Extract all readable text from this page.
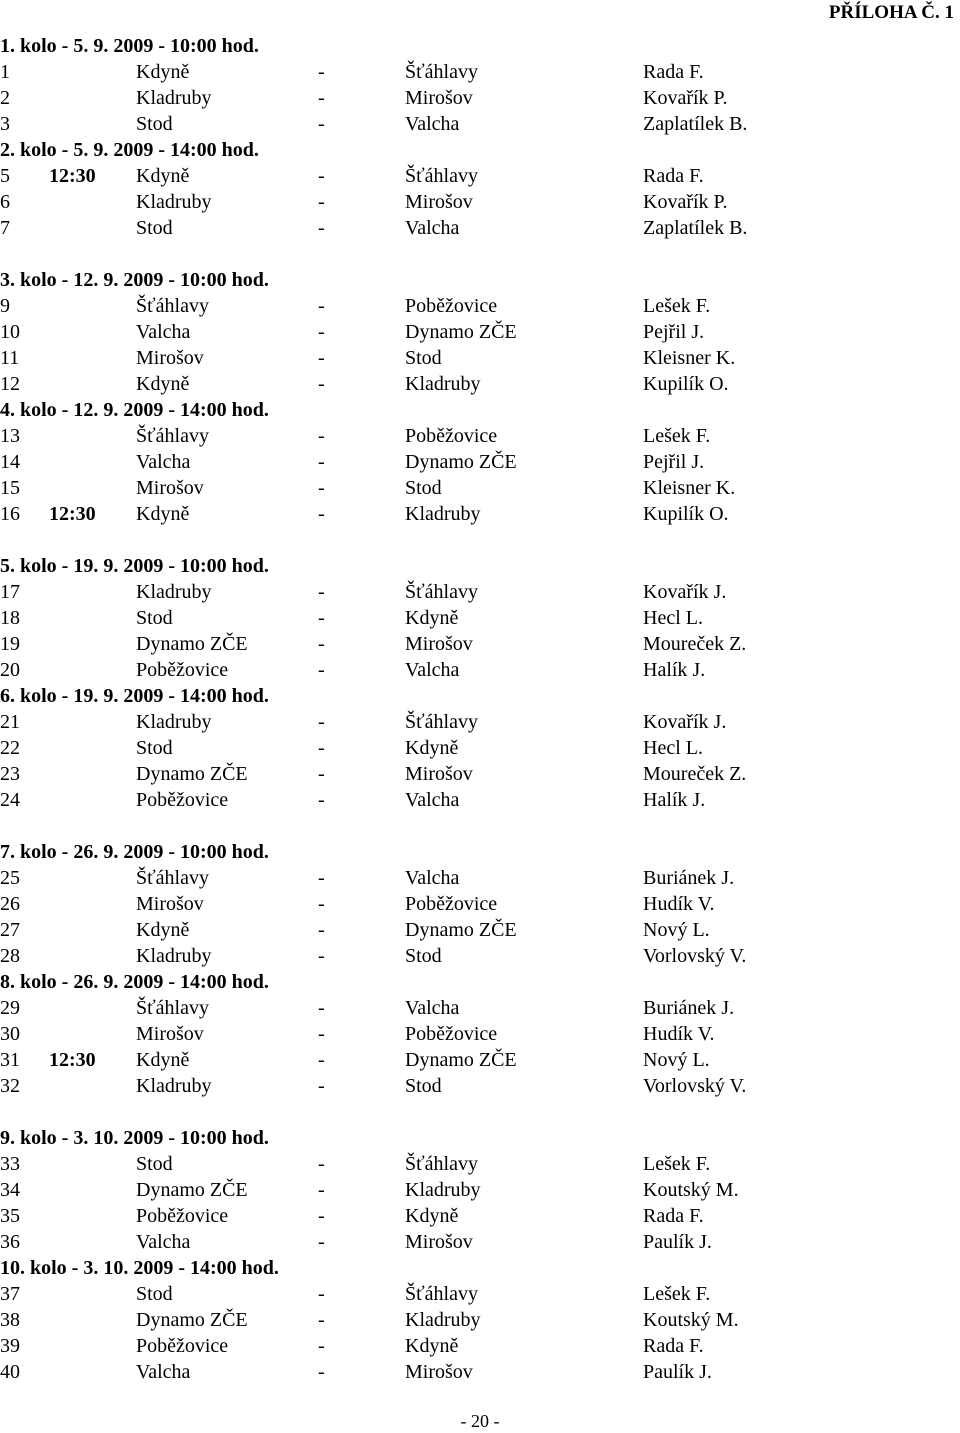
PŘÍLOHA Č. 1
1. kolo - 5. 9. 2009 - 10:00 hod.
1	Kdyně	-	Šťáhlavy	Rada F.
2	Kladruby	-	Mirošov	Kovařík P.
3	Stod	-	Valcha	Zaplatílek B.
2. kolo - 5. 9. 2009 - 14:00 hod.
5 12:30 Kdyně	-	Šťáhlavy	Rada F.
6	Kladruby	-	Mirošov	Kovařík P.
7	Stod	-	Valcha	Zaplatílek B.
3. kolo - 12. 9. 2009 - 10:00 hod.
9	Šťáhlavy	-	Poběžovice	Lešek F.
10	Valcha	-	Dynamo ZČE	Pejřil J.
11	Mirošov	-	Stod	Kleisner K.
12	Kdyně	-	Kladruby	Kupilík O.
4. kolo - 12. 9. 2009 - 14:00 hod.
13	Šťáhlavy	-	Poběžovice	Lešek F.
14	Valcha	-	Dynamo ZČE	Pejřil J.
15	Mirošov	-	Stod	Kleisner K.
16 12:30 Kdyně	-	Kladruby	Kupilík O.
5. kolo - 19. 9. 2009 - 10:00 hod.
17	Kladruby	-	Šťáhlavy	Kovařík J.
18	Stod	-	Kdyně	Hecl L.
19	Dynamo ZČE	-	Mirošov	Moureček Z.
20	Poběžovice	-	Valcha	Halík J.
6. kolo - 19. 9. 2009 - 14:00 hod.
21	Kladruby	-	Šťáhlavy	Kovařík J.
22	Stod	-	Kdyně	Hecl L.
23	Dynamo ZČE	-	Mirošov	Moureček Z.
24	Poběžovice	-	Valcha	Halík J.
7. kolo - 26. 9. 2009 - 10:00 hod.
25	Šťáhlavy	-	Valcha	Buriánek J.
26	Mirošov	-	Poběžovice	Hudík V.
27	Kdyně	-	Dynamo ZČE	Nový L.
28	Kladruby	-	Stod	Vorlovský V.
8. kolo - 26. 9. 2009 - 14:00 hod.
29	Šťáhlavy	-	Valcha	Buriánek J.
30	Mirošov	-	Poběžovice	Hudík V.
31 12:30 Kdyně	-	Dynamo ZČE	Nový L.
32	Kladruby	-	Stod	Vorlovský V.
9. kolo - 3. 10. 2009 - 10:00 hod.
33	Stod	-	Šťáhlavy	Lešek F.
34	Dynamo ZČE	-	Kladruby	Koutský M.
35	Poběžovice	-	Kdyně	Rada F.
36	Valcha	-	Mirošov	Paulík J.
10. kolo - 3. 10. 2009 - 14:00 hod.
37	Stod	-	Šťáhlavy	Lešek F.
38	Dynamo ZČE	-	Kladruby	Koutský M.
39	Poběžovice	-	Kdyně	Rada F.
40	Valcha	-	Mirošov	Paulík J.
- 20 -
